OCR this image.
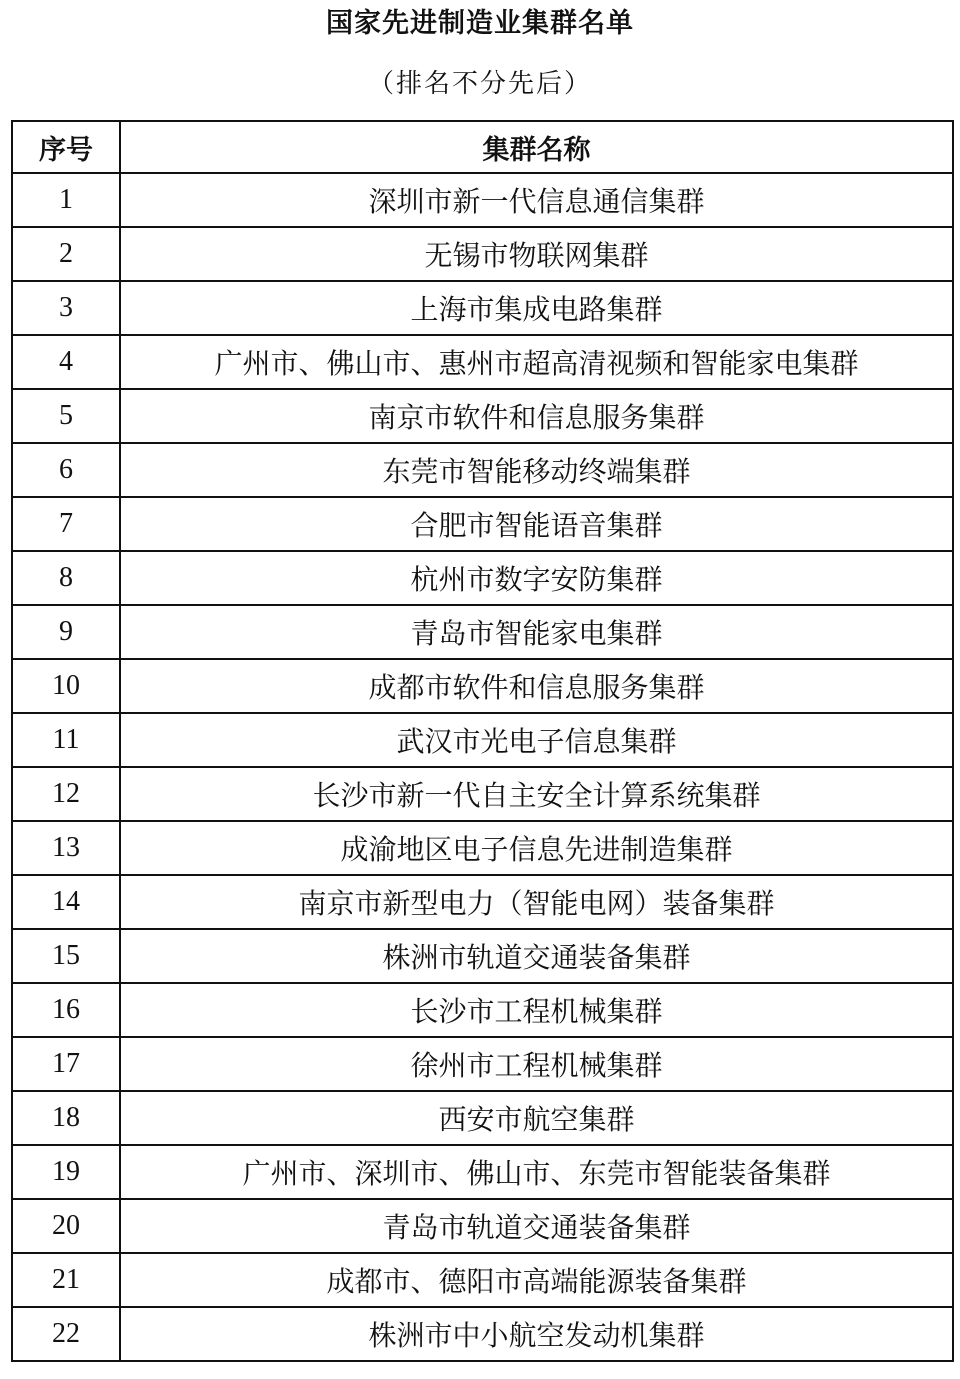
国家先进制造业集群名单
（排名不分先后）
序号	集群名称
1	深圳市新一代信息通信集群
2	无锡市物联网集群
3	上海市集成电路集群
4	广州市、佛山市、惠州市超高清视频和智能家电集群
5	南京市软件和信息服务集群
6	东莞市智能移动终端集群
7	合肥市智能语音集群
8	杭州市数字安防集群
9	青岛市智能家电集群
10	成都市软件和信息服务集群
11	武汉市光电子信息集群
12	长沙市新一代自主安全计算系统集群
13	成渝地区电子信息先进制造集群
14	南京市新型电力（智能电网）装备集群
15	株洲市轨道交通装备集群
16	长沙市工程机械集群
17	徐州市工程机械集群
18	西安市航空集群
19	广州市、深圳市、佛山市、东莞市智能装备集群
20	青岛市轨道交通装备集群
21	成都市、德阳市高端能源装备集群
22	株洲市中小航空发动机集群
